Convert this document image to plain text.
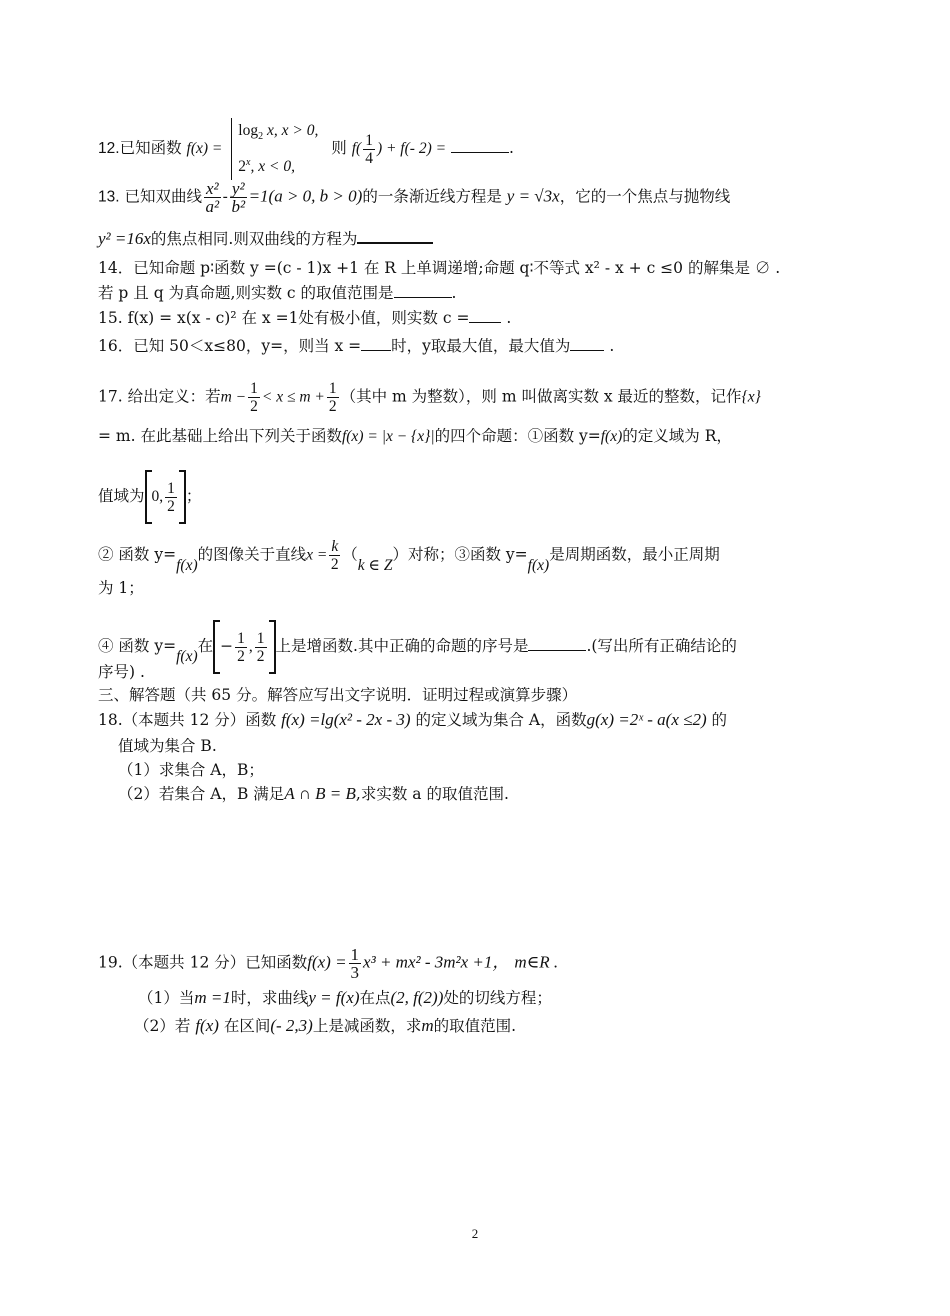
12.已知函数 f(x) =
$\log_2 x$, x > 0,
2$^x$, x < 0,
则 $f( \frac{1}{4}$ ) + f(- 2) =	.
13. 已知双曲线 $\frac{\text{x²}}{\text{a²}} - \frac{\text{y²}}{\text{b²}} =1(a > 0$, b > 0)的一条渐近线方程是 y = √3x，它的一个焦点与抛物线
y² =16x的焦点相同.则双曲线的方程为
14．已知命题 p∶函数 y =(c - 1)x +1 在 R 上单调递增;命题 q∶不等式 x² - x + c ≤0 的解集是 ∅ .
若 p 且 q 为真命题,则实数 c 的取值范围是	.
15. f(x) = x(x - c)² 在 x =1处有极小值，则实数 c = .
16．已知 50＜x≤80，y=，则当 x = 时，y取最大值，最大值为 .
17. 给出定义：若$m - \frac{1}{2} < x \le m + \frac{1}{2}$ （其中 m 为整数），则 m 叫做离实数 x 最近的整数，记作{x}
= m. 在此基础上给出下列关于函数f(x) = |x − {x}|的四个命题：①函数 y=f(x)的定义域为 R，
值域为 0, $\frac{1}{2}$ ；
② 函数 y=f(x)的图像关于直线$x = \frac{k}{2} (k$ ∈ Z）对称；③函数 y=f(x)是周期函数，最小正周期
为 1；
④ 函数 y=f(x)在 − $\frac{1}{2}$ , $\frac{1}{2}$ 上是增函数.其中正确的命题的序号是	.(写出所有正确结论的
序号) .
三、解答题（共 65 分。解答应写出文字说明．证明过程或演算步骤）
18.（本题共 12 分）函数 f(x) =lg(x² - 2x - 3) 的定义域为集合 A，函数g(x) =2ˣ - a(x ≤2) 的
值域为集合 B.
（1）求集合 A，B；
（2）若集合 A，B 满足A ∩ B = B,求实数 a 的取值范围.
19.（本题共 12 分）已知函数$f(x) = \frac{1}{3} x^3 + mx^2 - 3m^2x +1$， m∈R .
（1）当m =1时，求曲线y = f(x)在点(2, f(2))处的切线方程；
（2）若 f(x) 在区间(- 2,3)上是减函数，求m的取值范围.
2
